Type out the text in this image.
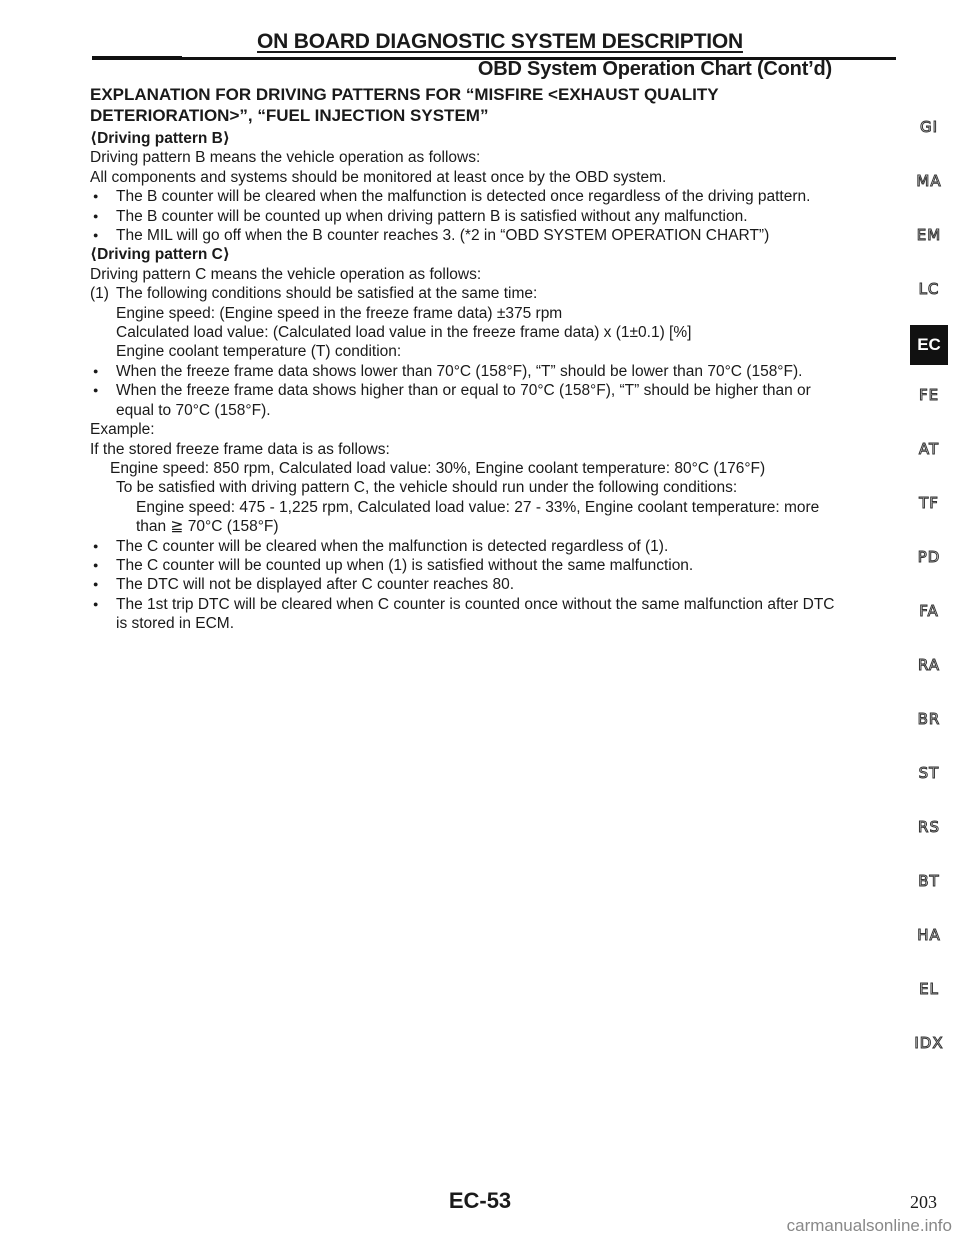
ON BOARD DIAGNOSTIC SYSTEM DESCRIPTION
OBD System Operation Chart (Cont’d)
EXPLANATION FOR DRIVING PATTERNS FOR “MISFIRE <EXHAUST QUALITY
DETERIORATION>”, “FUEL INJECTION SYSTEM”
⟨Driving pattern B⟩
Driving pattern B means the vehicle operation as follows:
All components and systems should be monitored at least once by the OBD system.
● The B counter will be cleared when the malfunction is detected once regardless of the driving pattern.
● The B counter will be counted up when driving pattern B is satisfied without any malfunction.
● The MIL will go off when the B counter reaches 3. (*2 in “OBD SYSTEM OPERATION CHART”)
⟨Driving pattern C⟩
Driving pattern C means the vehicle operation as follows:
(1) The following conditions should be satisfied at the same time:
Engine speed: (Engine speed in the freeze frame data) ±375 rpm
Calculated load value: (Calculated load value in the freeze frame data) x (1±0.1) [%]
Engine coolant temperature (T) condition:
● When the freeze frame data shows lower than 70°C (158°F), “T” should be lower than 70°C (158°F).
● When the freeze frame data shows higher than or equal to 70°C (158°F), “T” should be higher than or
equal to 70°C (158°F).
Example:
If the stored freeze frame data is as follows:
Engine speed: 850 rpm, Calculated load value: 30%, Engine coolant temperature: 80°C (176°F)
To be satisfied with driving pattern C, the vehicle should run under the following conditions:
Engine speed: 475 - 1,225 rpm, Calculated load value: 27 - 33%, Engine coolant temperature: more
than ≧ 70°C (158°F)
● The C counter will be cleared when the malfunction is detected regardless of (1).
● The C counter will be counted up when (1) is satisfied without the same malfunction.
● The DTC will not be displayed after C counter reaches 80.
● The 1st trip DTC will be cleared when C counter is counted once without the same malfunction after DTC
is stored in ECM.
GI
MA
EM
LC
EC
FE
AT
TF
PD
FA
RA
BR
ST
RS
BT
HA
EL
IDX
EC-53	203
carmanualsonline.info
